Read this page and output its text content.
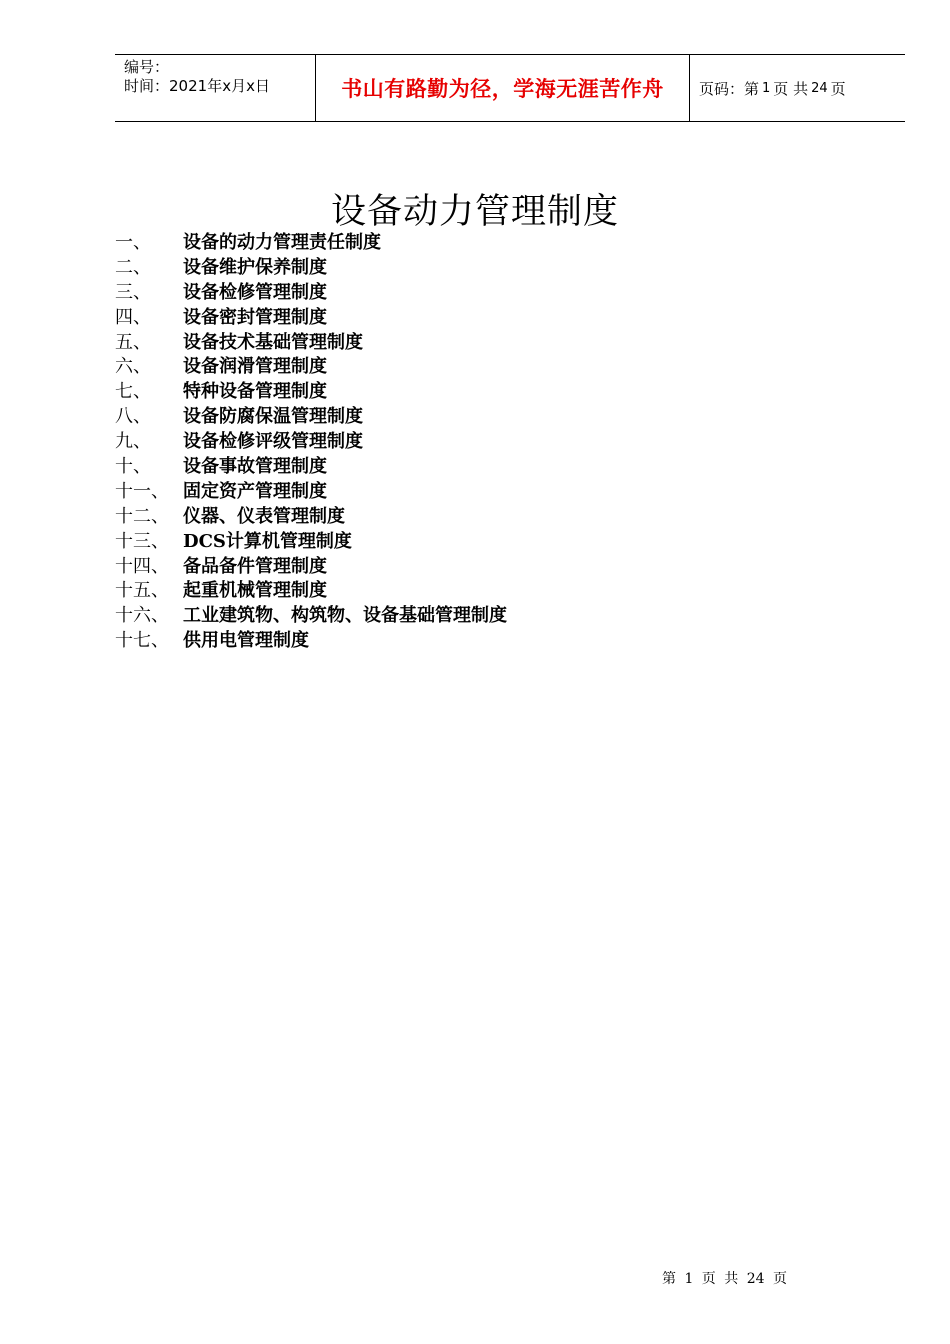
编号：
时间：2021年x月x日	书山有路勤为径，学海无涯苦作舟	页码：第 1 页 共 24 页
设备动力管理制度
一、 设备的动力管理责任制度
二、 设备维护保养制度
三、 设备检修管理制度
四、 设备密封管理制度
五、 设备技术基础管理制度
六、 设备润滑管理制度
七、 特种设备管理制度
八、 设备防腐保温管理制度
九、 设备检修评级管理制度
十、 设备事故管理制度
十一、 固定资产管理制度
十二、 仪器、仪表管理制度
十三、 DCS计算机管理制度
十四、 备品备件管理制度
十五、 起重机械管理制度
十六、 工业建筑物、构筑物、设备基础管理制度
十七、 供用电管理制度
第 1 页 共 24 页
